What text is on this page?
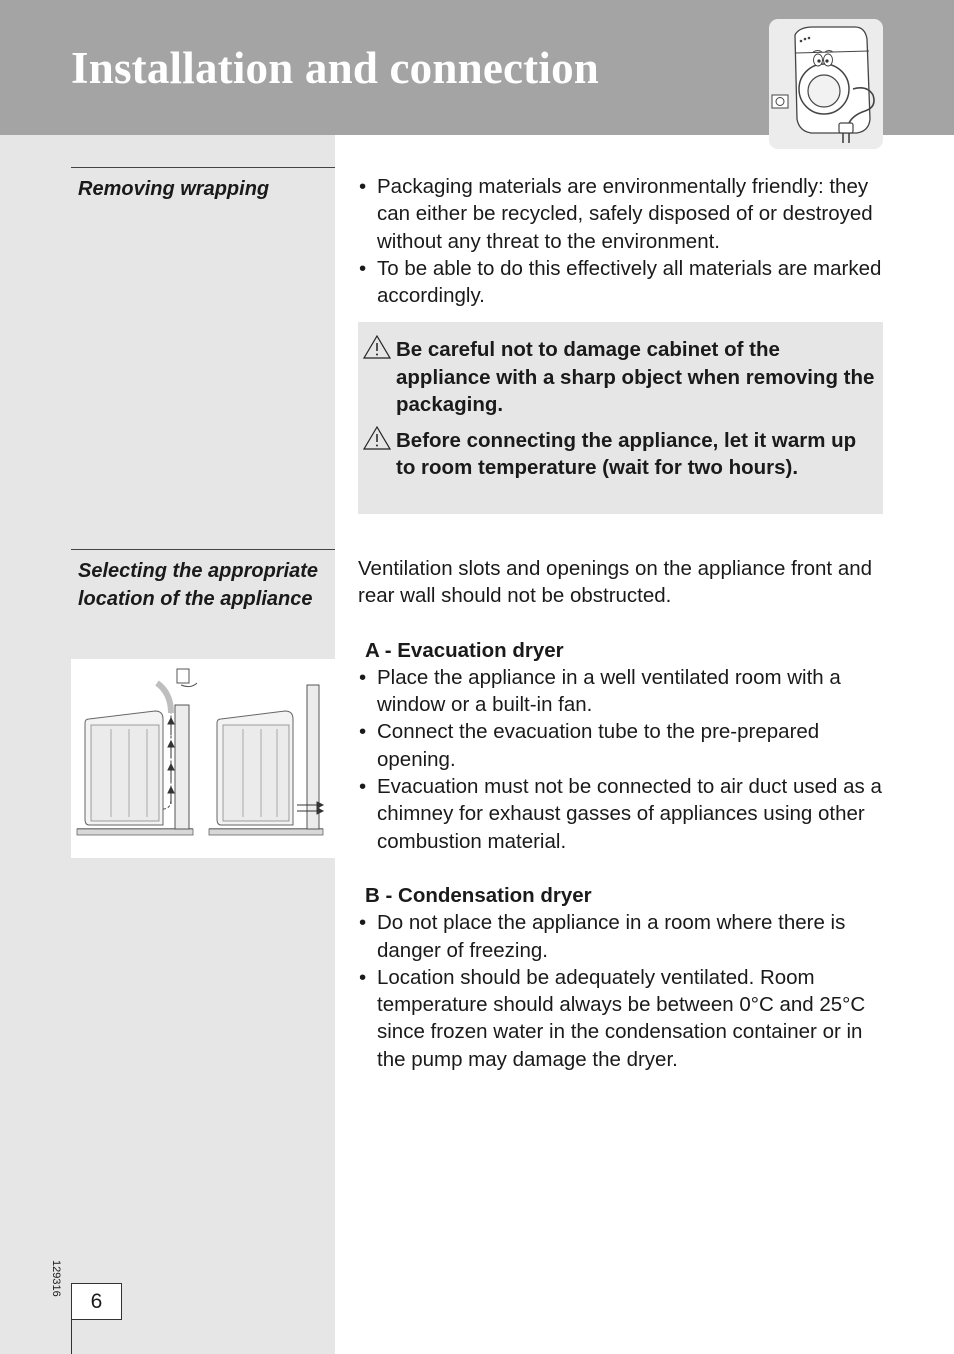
Installation and connection
Removing wrapping
Selecting the appropriate location of the appliance
129316
6
• Packaging materials are environmentally friendly: they can either be recycled, safely disposed of or destroyed without any threat to the environment.
• To be able to do this effectively all materials are marked accordingly.
Be careful not to damage cabinet of the appliance with a sharp object when removing the packaging.
Before connecting the appliance, let it warm up to room temperature (wait for two hours).

Ventilation slots and openings on the appliance front and rear wall should not be obstructed.

A - Evacuation dryer

• Place the appliance in a well ventilated room with a window or a built-in fan.
• Connect the evacuation tube to the pre-prepared opening.
• Evacuation must not be connected to air duct used as a chimney for exhaust gasses of appliances using other combustion material.

B - Condensation dryer

• Do not place the appliance in a room where there is danger of freezing.
• Location should be adequately ventilated. Room temperature should always be between 0°C and 25°C since frozen water in the condensation container or in the pump may damage the dryer.
